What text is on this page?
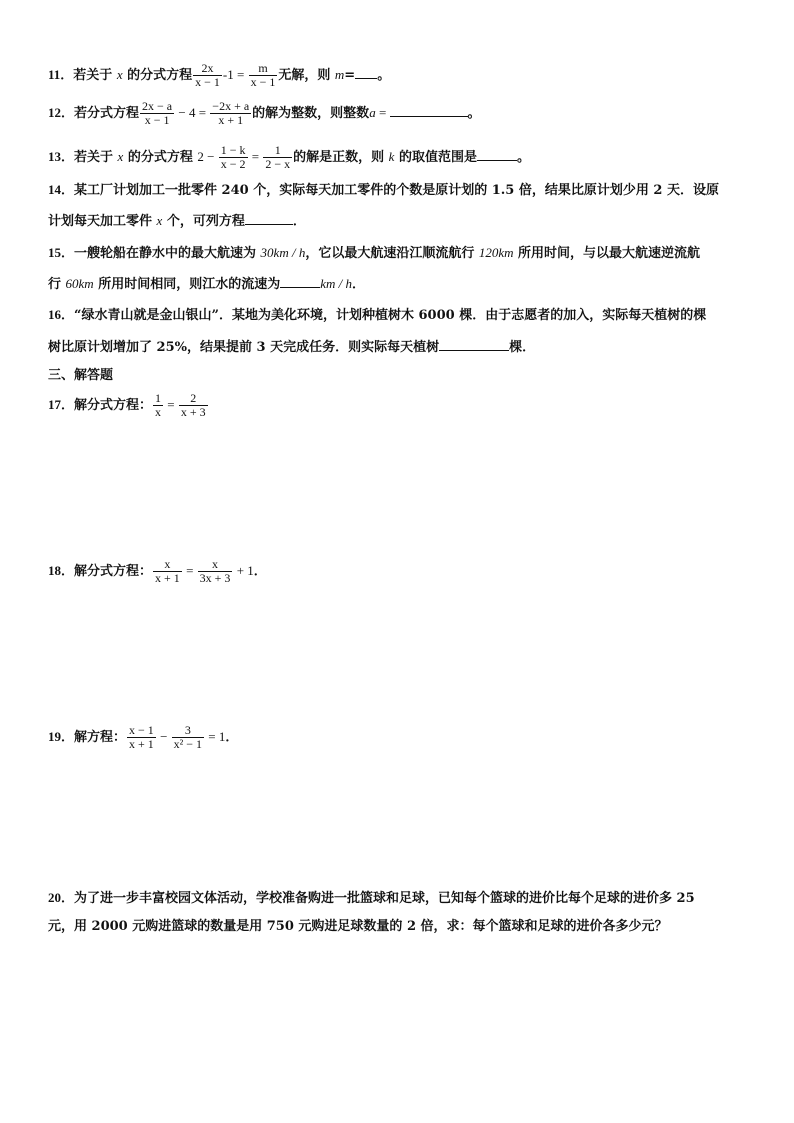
11．若关于 x 的分式方程 $\frac{2x}{x - 1} -1 = \frac{m}{x - 1}$ 无解，则 m= 。
12．若分式方程 $\frac{2x - a}{x - 1} - 4 = \frac{-2x + a}{x + 1}$ 的解为整数，则整数a =	。
13．若关于 x 的分式方程 $2 - \frac{1 - k}{x - 2} = \frac{1}{2 - x}$ 的解是正数，则 k 的取值范围是	。
14．某工厂计划加工一批零件 240 个，实际每天加工零件的个数是原计划的 1.5 倍，结果比原计划少用 2 天．设原
计划每天加工零件 x 个，可列方程	．
15．一艘轮船在静水中的最大航速为 30km / h，它以最大航速沿江顺流航行 120km 所用时间，与以最大航速逆流航
行 60km 所用时间相同，则江水的流速为	km / h．
16．“绿水青山就是金山银山”．某地为美化环境，计划种植树木 6000 棵．由于志愿者的加入，实际每天植树的棵
树比原计划增加了 25%，结果提前 3 天完成任务．则实际每天植树	棵．
三、解答题
17．解分式方程： $\frac{1}{x} = \frac{2}{x + 3}$
18．解分式方程： $\frac{x}{x + 1} = \frac{x}{3x + 3} + 1$．
19．解方程： $\frac{x - 1}{x + 1} - \frac{3}{\text{x² − 1}} = 1$．
20．为了进一步丰富校园文体活动，学校准备购进一批篮球和足球，已知每个篮球的进价比每个足球的进价多 25
元，用 2000 元购进篮球的数量是用 750 元购进足球数量的 2 倍，求：每个篮球和足球的进价各多少元？
